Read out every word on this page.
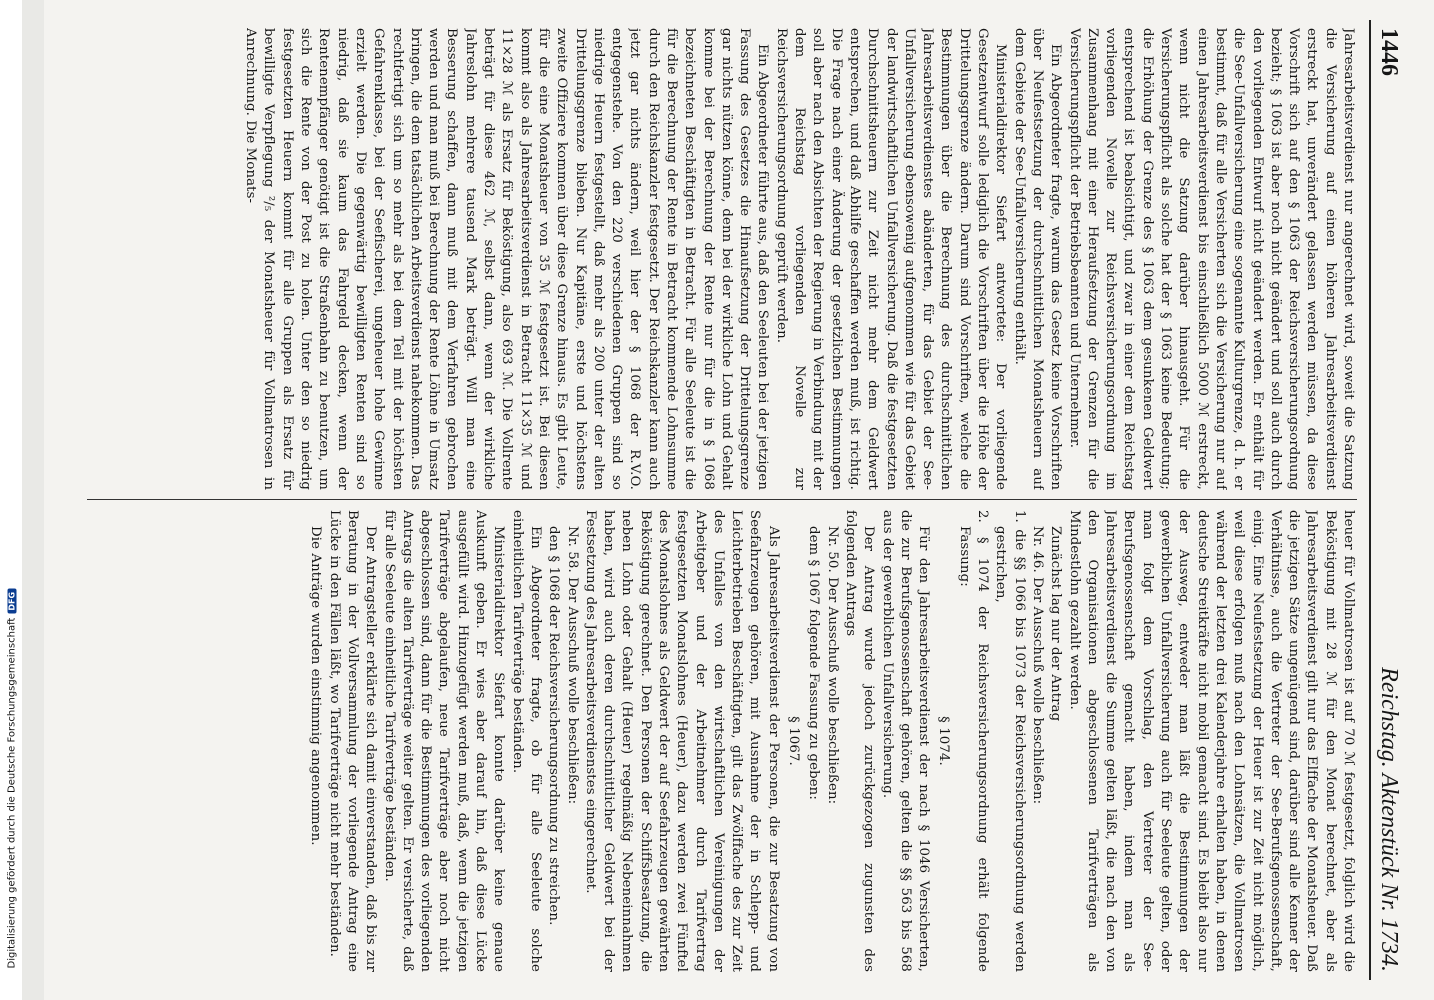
Digitalisierung gefördert durch die Deutsche Forschungsgemeinschaft
DFG
1446
Reichstag. Aktenstück Nr. 1734.

Jahresarbeitsverdienst nur angerechnet wird, soweit die Satzung die Versicherung auf einen höheren Jahresarbeitsverdienst erstreckt hat, unverändert gelassen werden müssen, da diese Vorschrift sich auf den § 1063 der Reichsversicherungsordnung bezieht; § 1063 ist aber noch nicht geändert und soll auch durch den vorliegenden Entwurf nicht geändert werden. Er enthält für die See-Unfallversicherung eine sogenannte Kulturgrenze, d. h. er bestimmt, daß für alle Versicherten sich die Versicherung nur auf einen Jahresarbeitsverdienst bis einschließlich 5000 ℳ erstreckt, wenn nicht die Satzung darüber hinausgeht. Für die Versicherungspflicht als solche hat der § 1063 keine Bedeutung; die Erhöhung der Grenze des § 1063 dem gesunkenen Geldwert entsprechend ist beabsichtigt, und zwar in einer dem Reichstag vorliegenden Novelle zur Reichsversicherungsordnung im Zusammenhang mit einer Heraufsetzung der Grenzen für die Versicherungspflicht der Betriebsbeamten und Unternehmer.

Ein Abgeordneter fragte, warum das Gesetz keine Vorschriften über Neufestsetzung der durchschnittlichen Monatsheuern auf dem Gebiete der See-Unfallversicherung enthält.

Ministerialdirektor Siefart antwortete: Der vorliegende Gesetzentwurf solle lediglich die Vorschriften über die Höhe der Drittelungsgrenze ändern. Darum sind Vorschriften, welche die Bestimmungen über die Berechnung des durchschnittlichen Jahresarbeitsverdienstes abänderten, für das Gebiet der See-Unfallversicherung ebensowenig aufgenommen wie für das Gebiet der landwirtschaftlichen Unfallversicherung. Daß die festgesetzten Durchschnittsheuern zur Zeit nicht mehr dem Geldwert entsprechen, und daß Abhilfe geschaffen werden muß, ist richtig. Die Frage nach einer Änderung der gesetzlichen Bestimmungen soll aber nach den Absichten der Regierung in Verbindung mit der dem Reichstag vorliegenden Novelle zur Reichsversicherungsordnung geprüft werden.

Ein Abgeordneter führte aus, daß den Seeleuten bei der jetzigen Fassung des Gesetzes die Hinaufsetzung der Drittelungsgrenze gar nichts nützen könne, denn bei der wirkliche Lohn und Gehalt komme bei der Berechnung der Rente nur für die in § 1068 bezeichneten Beschäftigten in Betracht. Für alle Seeleute ist die für die Berechnung der Rente in Betracht kommende Lohnsumme durch den Reichskanzler festgesetzt. Der Reichskanzler kann auch jetzt gar nichts ändern, weil hier der § 1068 der R.V.O. entgegenstehe. Von den 220 verschiedenen Gruppen sind so niedrige Heuern festgestellt, daß mehr als 200 unter der alten Drittelungsgrenze blieben. Nur Kapitäne, erste und höchstens zweite Offiziere kommen über diese Grenze hinaus. Es gibt Leute, für die eine Monatsheuer von 35 ℳ festgesetzt ist. Bei diesen kommt also als Jahresarbeitsverdienst in Betracht 11×35 ℳ und 11×28 ℳ als Ersatz für Beköstigung, also 693 ℳ. Die Vollrente beträgt für diese 462 ℳ, selbst dann, wenn der wirkliche Jahreslohn mehrere tausend Mark beträgt. Will man eine Besserung schaffen, dann muß mit dem Verfahren gebrochen werden und man muß bei Berechnung der Rente Löhne in Umsatz bringen, die dem tatsächlichen Arbeitsverdienst nahekommen. Das rechtfertigt sich um so mehr als bei dem Teil mit der höchsten Gefahrenklasse, bei der Seefischerei, ungeheuer hohe Gewinne erzielt werden. Die gegenwärtig bewilligten Renten sind so niedrig, daß sie kaum das Fahrgeld decken, wenn der Rentenempfänger genötigt ist die Straßenbahn zu benutzen, um sich die Rente von der Post zu holen. Unter den so niedrig festgesetzten Heuern kommt für alle Gruppen als Ersatz für bewilligte Verpflegung ²/₅ der Monatsheuer für Vollmatrosen in Anrechnung. Die Monats-

heuer für Vollmatrosen ist auf 70 ℳ festgesetzt, folglich wird die Beköstigung mit 28 ℳ für den Monat berechnet, aber als Jahresarbeitsverdienst gilt nur das Elffache der Monatsheuer. Daß die jetzigen Sätze ungenügend sind, darüber sind alle Kenner der Verhältnisse, auch die Vertreter der See-Berufsgenossenschaft, einig. Eine Neufestsetzung der Heuer ist zur Zeit nicht möglich, weil diese erfolgen muß nach den Lohnsätzen, die Vollmatrosen während der letzten drei Kalenderjahre erhalten haben, in denen deutsche Streitkräfte nicht mobil gemacht sind. Es bleibt also nur der Ausweg, entweder man läßt die Bestimmungen der gewerblichen Unfallversicherung auch für Seeleute gelten, oder man folgt dem Vorschlag, den Vertreter der See-Berufsgenossenschaft gemacht haben, indem man als Jahresarbeitsverdienst die Summe gelten läßt, die nach den von den Organisationen abgeschlossenen Tarifverträgen als Mindestlohn gezahlt werden.

Zunächst lag nur der Antrag

Nr. 46. Der Ausschuß wolle beschließen:

1. die §§ 1066 bis 1073 der Reichsversicherungsordnung werden gestrichen,

2. § 1074 der Reichsversicherungsordnung erhält folgende Fassung:

§ 1074.

Für den Jahresarbeitsverdienst der nach § 1046 Versicherten, die zur Berufsgenossenschaft gehören, gelten die §§ 563 bis 568 aus der gewerblichen Unfallversicherung.

Der Antrag wurde jedoch zurückgezogen zugunsten des folgenden Antrags

Nr. 50. Der Ausschuß wolle beschließen:

dem § 1067 folgende Fassung zu geben:

§ 1067.

Als Jahresarbeitsverdienst der Personen, die zur Besatzung von Seefahrzeugen gehören, mit Ausnahme der in Schlepp- und Leichterbetrieben Beschäftigten, gilt das Zwölffache des zur Zeit des Unfalles von den wirtschaftlichen Vereinigungen der Arbeitgeber und der Arbeitnehmer durch Tarifvertrag festgesetzten Monatslohnes (Heuer), dazu werden zwei Fünftel des Monatslohnes als Geldwert der auf Seefahrzeugen gewährten Beköstigung gerechnet. Den Personen der Schiffsbesatzung, die neben Lohn oder Gehalt (Heuer) regelmäßig Nebeneinnahmen haben, wird auch deren durchschnittlicher Geldwert bei der Festsetzung des Jahresarbeitsverdienstes eingerechnet.

Nr. 58. Der Ausschuß wolle beschließen:

den § 1068 der Reichsversicherungsordnung zu streichen.

Ein Abgeordneter fragte, ob für alle Seeleute solche einheitlichen Tarifverträge beständen.

Ministerialdirektor Siefart konnte darüber keine genaue Auskunft geben. Er wies aber darauf hin, daß diese Lücke ausgefüllt wird. Hinzugefügt werden muß, daß, wenn die jetzigen Tarifverträge abgelaufen, neue Tarifverträge aber noch nicht abgeschlossen sind, dann für die Bestimmungen des vorliegenden Antrags die alten Tarifverträge weiter gelten. Er versicherte, daß für alle Seeleute einheitliche Tarifverträge beständen.

Der Antragsteller erklärte sich damit einverstanden, daß bis zur Beratung in der Vollversammlung der vorliegende Antrag eine Lücke in den Fällen läßt, wo Tarifverträge nicht mehr beständen.

Die Anträge wurden einstimmig angenommen.
